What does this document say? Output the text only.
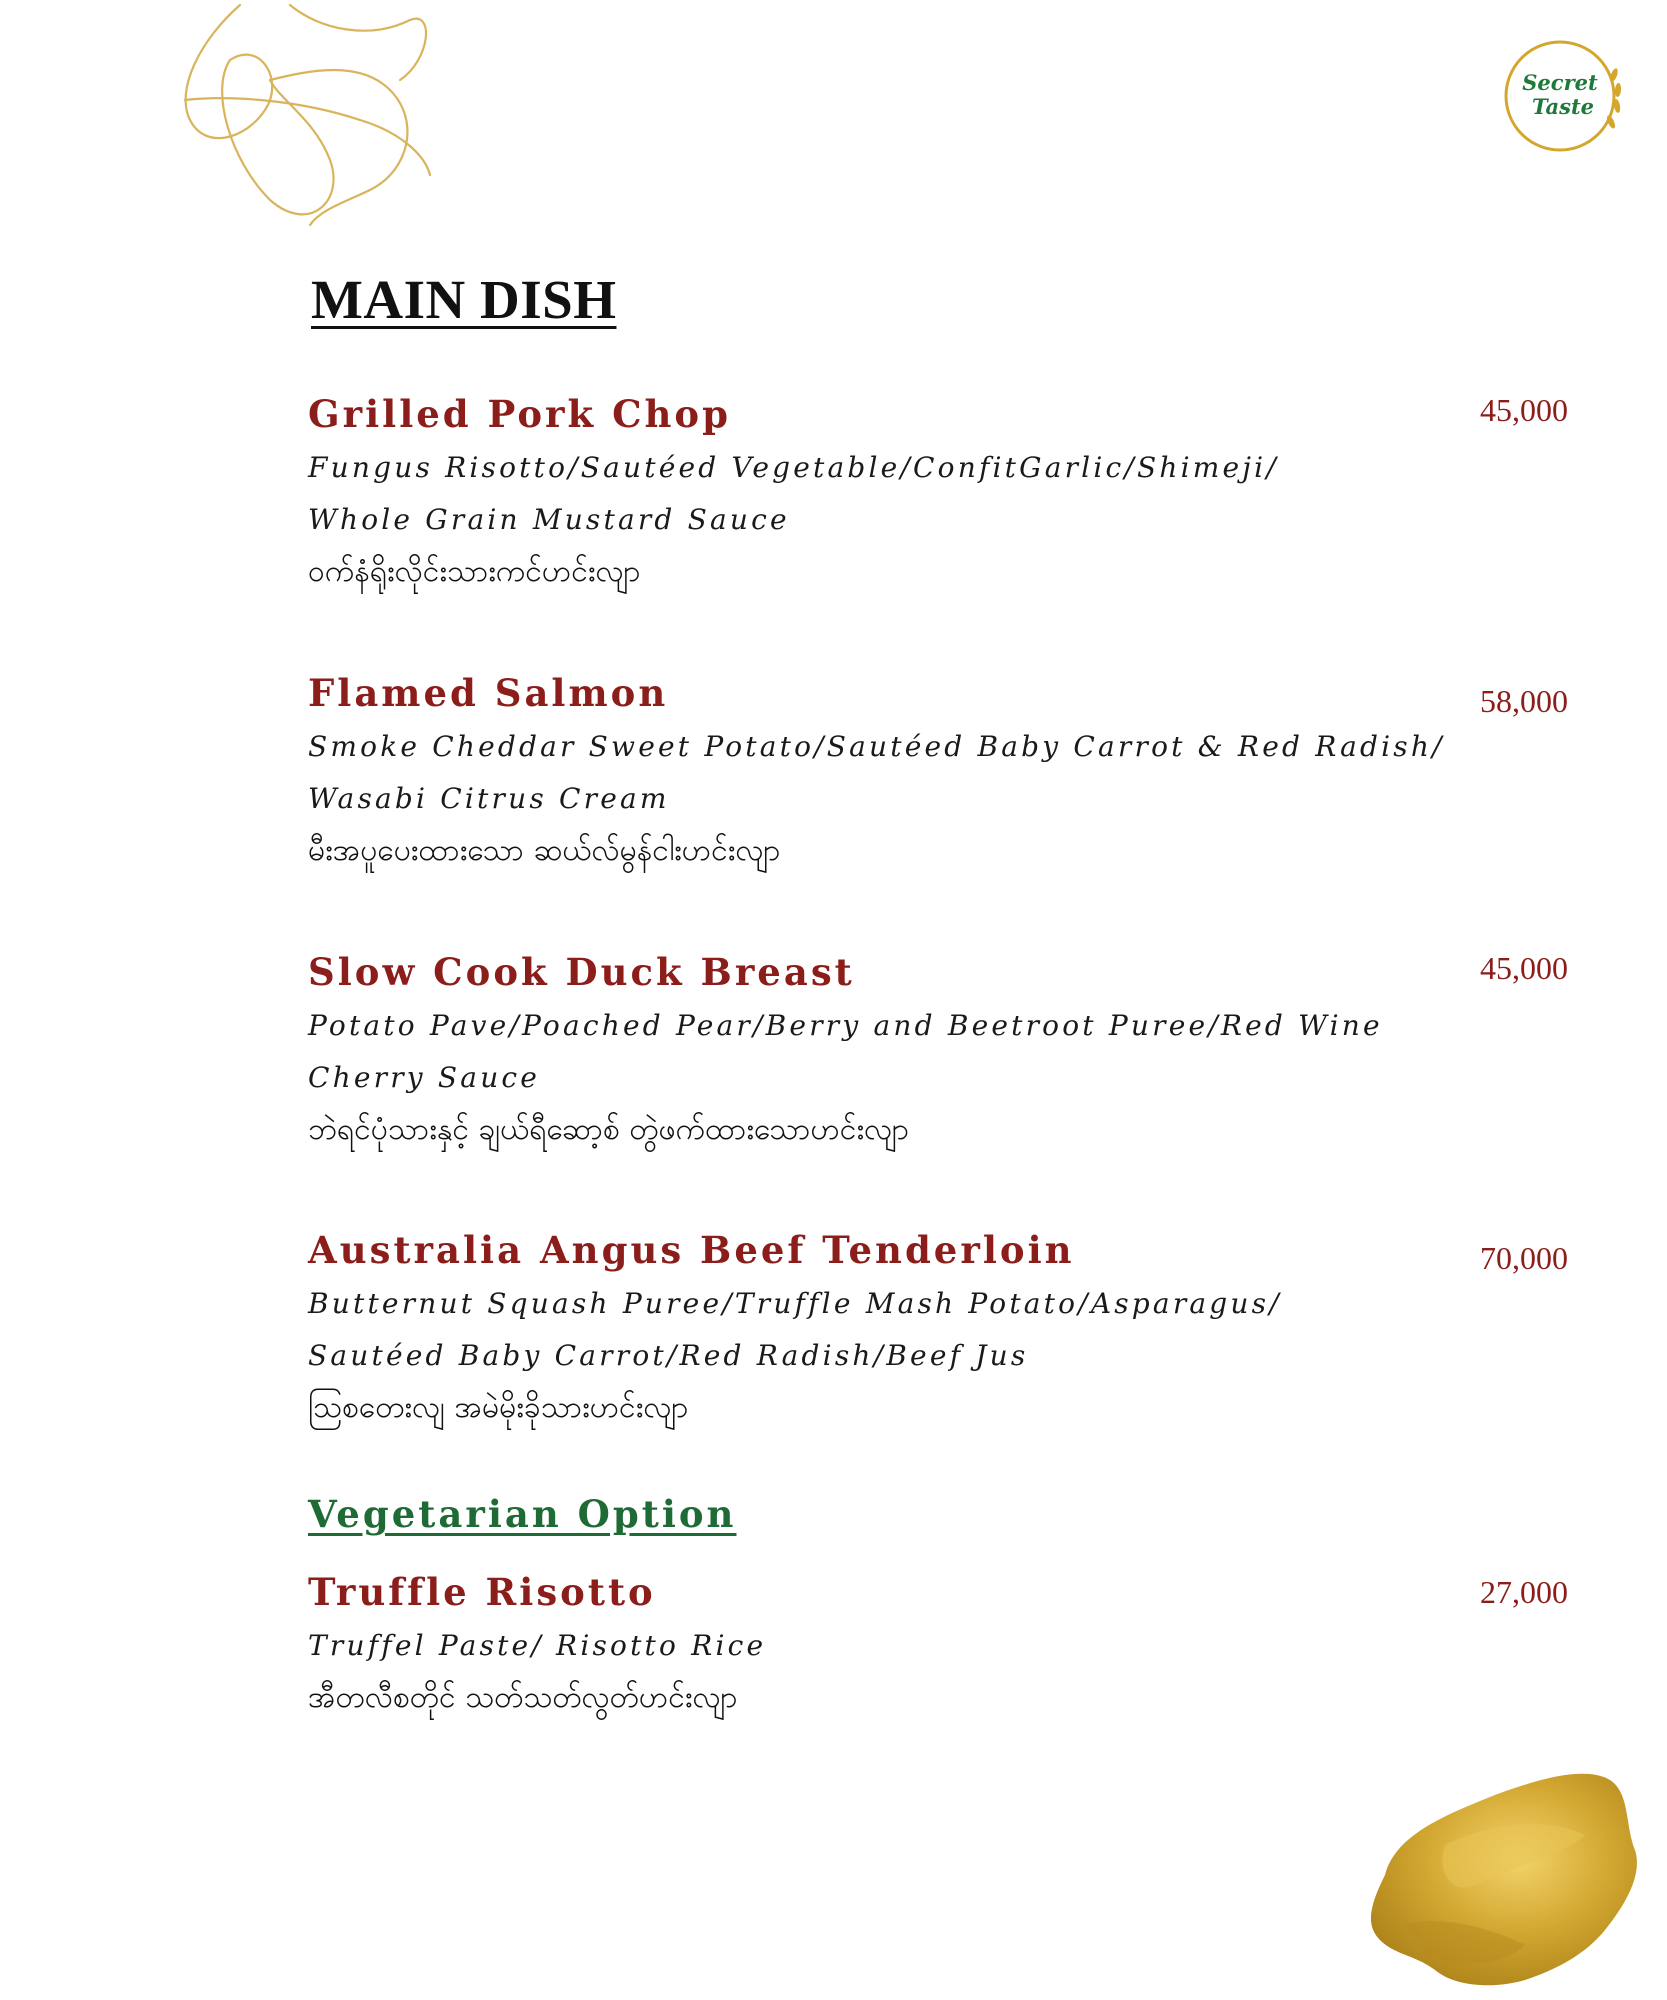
Secret
Taste
MAIN DISH
Grilled Pork Chop	45,000
Fungus Risotto/Sautéed Vegetable/ConfitGarlic/Shimeji/
Whole Grain Mustard Sauce
ဝက်နံရိုးလိုင်းသားကင်ဟင်းလျာ
Flamed Salmon	58,000
Smoke Cheddar Sweet Potato/Sautéed Baby Carrot & Red Radish/
Wasabi Citrus Cream
မီးအပူပေးထားသော ဆယ်လ်မွန်ငါးဟင်းလျာ
Slow Cook Duck Breast	45,000
Potato Pave/Poached Pear/Berry and Beetroot Puree/Red Wine
Cherry Sauce
ဘဲရင်ပုံသားနှင့် ချယ်ရီဆော့စ် တွဲဖက်ထားသောဟင်းလျာ
Australia Angus Beef Tenderloin	70,000
Butternut Squash Puree/Truffle Mash Potato/Asparagus/
Sautéed Baby Carrot/Red Radish/Beef Jus
သြစတေးလျ အမဲမိုးခိုသားဟင်းလျာ
Vegetarian Option
Truffle Risotto	27,000
Truffel Paste/ Risotto Rice
အီတလီစတိုင် သတ်သတ်လွတ်ဟင်းလျာ
